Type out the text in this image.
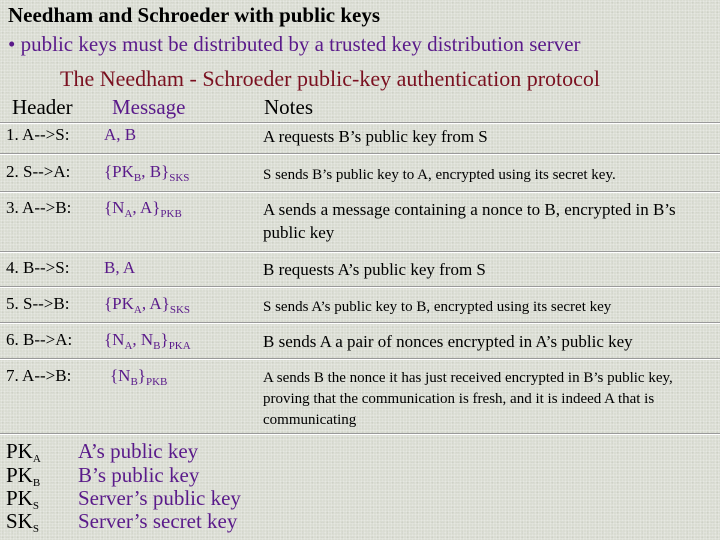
Needham and Schroeder with public keys
• public keys must be distributed by a trusted key distribution server
The Needham - Schroeder public-key authentication protocol
Header Message	Notes
1. A-->S: A, B	A requests B’s public key from S
2. S-->A: {$PK_B$, $B\}_{SKS}$	S sends B’s public key to A, encrypted using its secret key.
3. A-->B: {$N_A$, $A\}_{PKB}$	A sends a message containing a nonce to B, encrypted in B’s public key
4. B-->S: B, A	B requests A’s public key from S
5. S-->B: {$PK_A$, $A\}_{SKS}$	S sends A’s public key to B, encrypted using its secret key
6. B-->A: {$N_A$, $N_B\}_{PKA}$	B sends A a pair of nonces encrypted in A’s public key
7. A-->B: $\{N_B\}_{PKB}$	A sends B the nonce it has just received encrypted in B’s public key, proving that the communication is fresh, and it is indeed A that is communicating
$PK_A$ A’s public key
$PK_B$ B’s public key
$PK_S$ Server’s public key
$SK_S$ Server’s secret key
